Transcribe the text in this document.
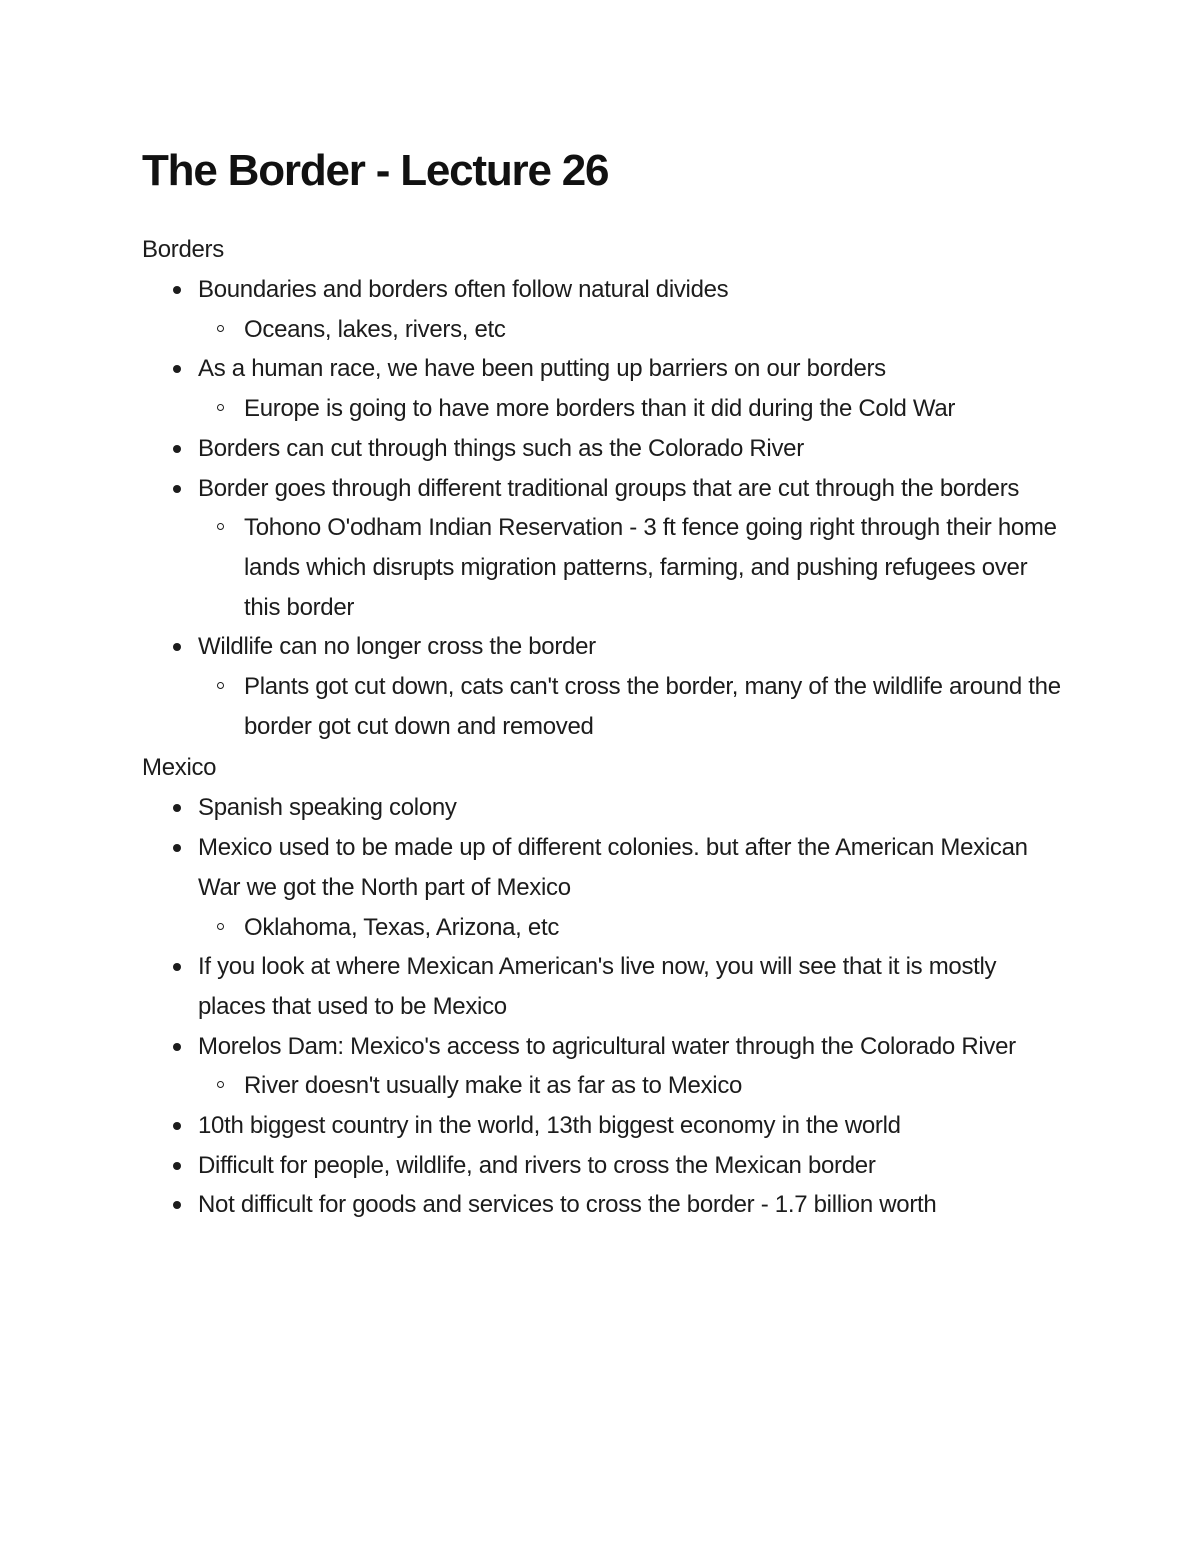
The Border - Lecture 26
Borders
Boundaries and borders often follow natural divides
Oceans, lakes, rivers, etc
As a human race, we have been putting up barriers on our borders
Europe is going to have more borders than it did during the Cold War
Borders can cut through things such as the Colorado River
Border goes through different traditional groups that are cut through the borders
Tohono O'odham Indian Reservation - 3 ft fence going right through their home lands which disrupts migration patterns, farming, and pushing refugees over this border
Wildlife can no longer cross the border
Plants got cut down, cats can't cross the border, many of the wildlife around the border got cut down and removed
Mexico
Spanish speaking colony
Mexico used to be made up of different colonies. but after the American Mexican War we got the North part of Mexico
Oklahoma, Texas, Arizona, etc
If you look at where Mexican American's live now, you will see that it is mostly places that used to be Mexico
Morelos Dam: Mexico's access to agricultural water through the Colorado River
River doesn't usually make it as far as to Mexico
10th biggest country in the world, 13th biggest economy in the world
Difficult for people, wildlife, and rivers to cross the Mexican border
Not difficult for goods and services to cross the border - 1.7 billion worth
